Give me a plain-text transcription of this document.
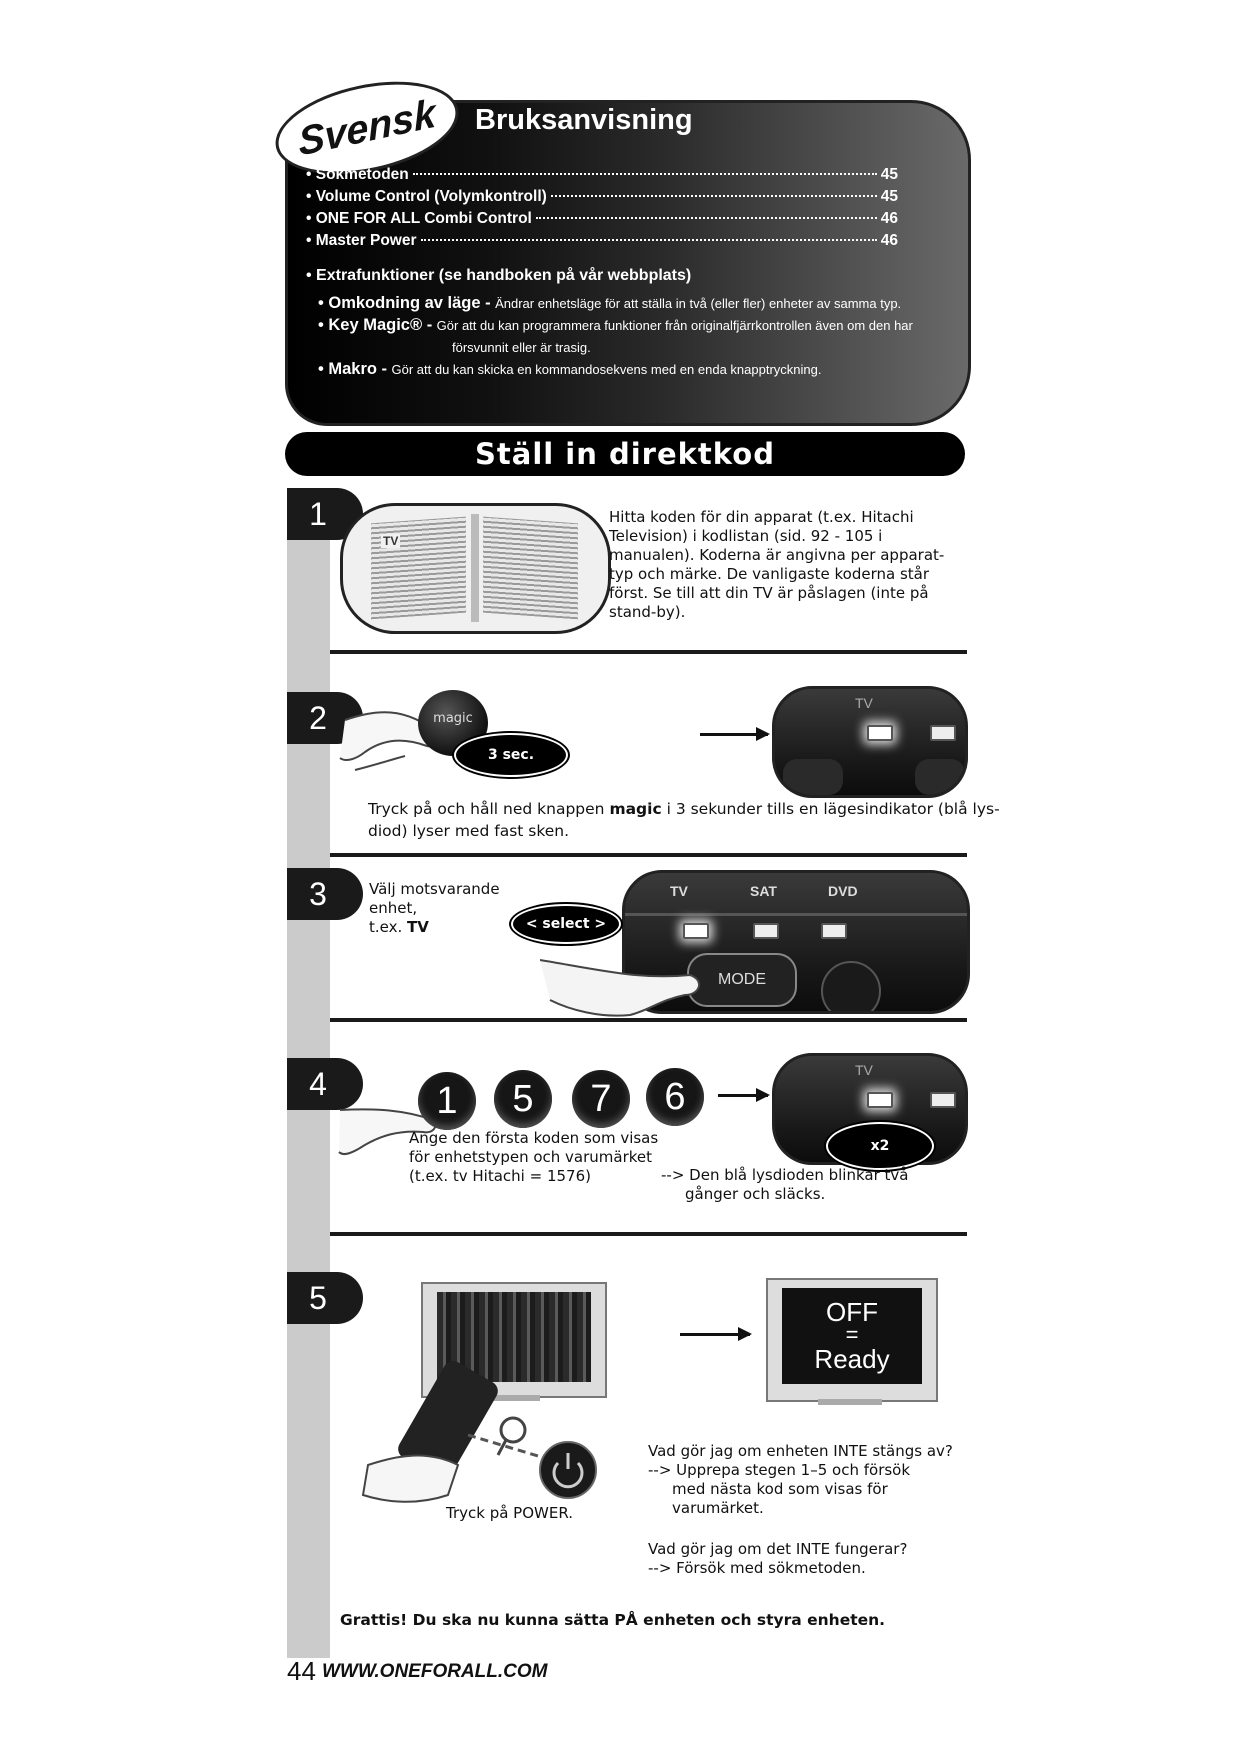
Svensk Bruksanvisning
• Sökmetoden	45
• Volume Control (Volymkontroll)	45
• ONE FOR ALL Combi Control	46
• Master Power	46
• Extrafunktioner (se handboken på vår webbplats)
• Omkodning av läge - Ändrar enhetsläge för att ställa in två (eller fler) enheter av samma typ.
• Key Magic® - Gör att du kan programmera funktioner från originalfjärrkontrollen även om den har
försvunnit eller är trasig.
• Makro - Gör att du kan skicka en kommandosekvens med en enda knapptryckning.
Ställ in direktkod
1
TV
Hitta koden för din apparat (t.ex. Hitachi
Television) i kodlistan (sid. 92 - 105 i
manualen). Koderna är angivna per apparat-
typ och märke. De vanligaste koderna står
först. Se till att din TV är påslagen (inte på
stand-by).
2	magic
3 sec.
TV
Tryck på och håll ned knappen magic i 3 sekunder tills en lägesindikator (blå lys-
diod) lyser med fast sken.
3	Välj motsvarande
enhet,
t.ex. TV
TV	SAT	DVD
MODE
< select >
4	1	5	7	6
TV
x2
Ange den första koden som visas
för enhetstypen och varumärket
(t.ex. tv Hitachi = 1576)	--> Den blå lysdioden blinkar två
gånger och släcks.
5
Tryck på POWER.
OFF
=
Ready
Vad gör jag om enheten INTE stängs av?
--> Upprepa stegen 1–5 och försök
med nästa kod som visas för
varumärket.
Vad gör jag om det INTE fungerar?
--> Försök med sökmetoden.
Grattis! Du ska nu kunna sätta PÅ enheten och styra enheten.
44 WWW.ONEFORALL.COM
